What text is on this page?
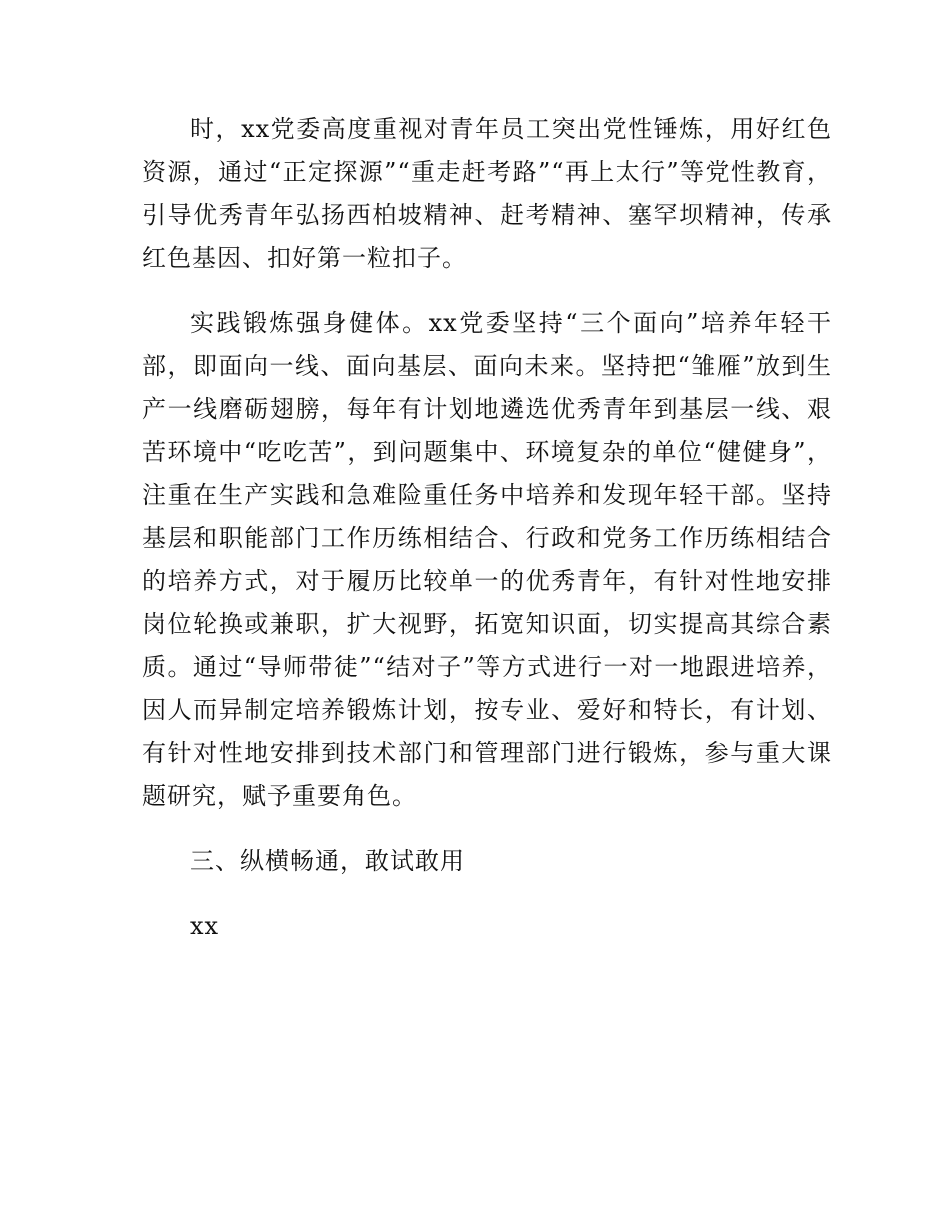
时，xx党委高度重视对青年员工突出党性锤炼，用好红色资源，通过“正定探源”“重走赶考路”“再上太行”等党性教育，引导优秀青年弘扬西柏坡精神、赶考精神、塞罕坝精神，传承红色基因、扣好第一粒扣子。

实践锻炼强身健体。xx党委坚持“三个面向”培养年轻干部，即面向一线、面向基层、面向未来。坚持把“雏雁”放到生产一线磨砺翅膀，每年有计划地遴选优秀青年到基层一线、艰苦环境中“吃吃苦”，到问题集中、环境复杂的单位“健健身”，注重在生产实践和急难险重任务中培养和发现年轻干部。坚持基层和职能部门工作历练相结合、行政和党务工作历练相结合的培养方式，对于履历比较单一的优秀青年，有针对性地安排岗位轮换或兼职，扩大视野，拓宽知识面，切实提高其综合素质。通过“导师带徒”“结对子”等方式进行一对一地跟进培养，因人而异制定培养锻炼计划，按专业、爱好和特长，有计划、有针对性地安排到技术部门和管理部门进行锻炼，参与重大课题研究，赋予重要角色。

三、纵横畅通，敢试敢用

xx
